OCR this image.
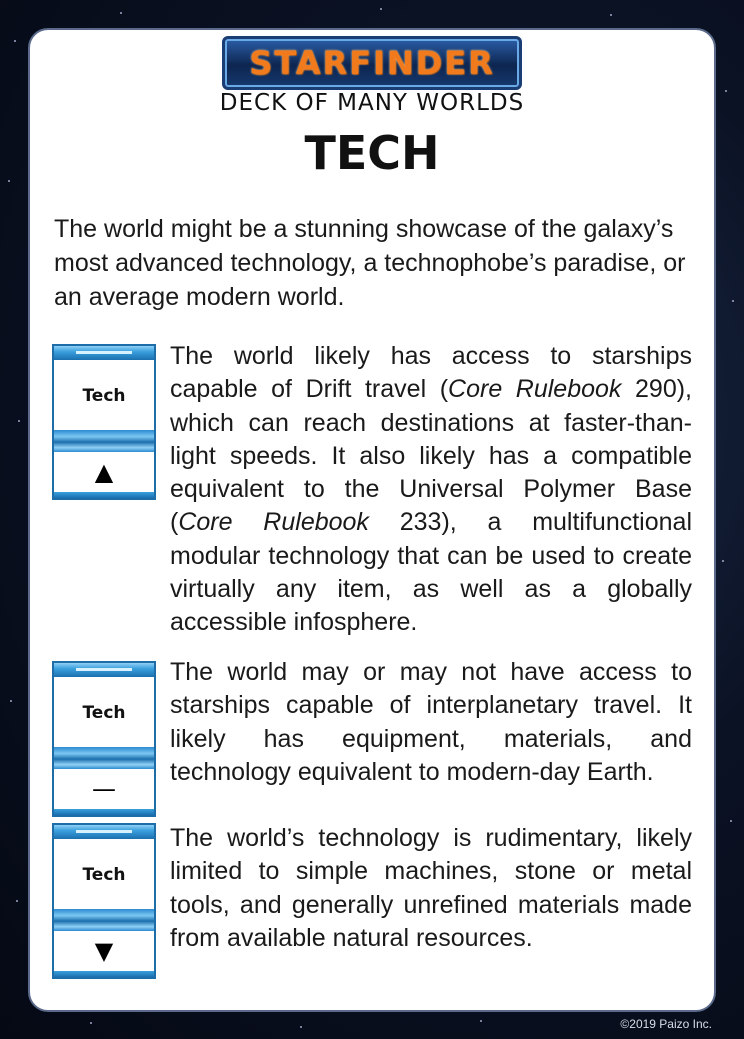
STARFINDER
DECK OF MANY WORLDS
TECH
The world might be a stunning showcase of the galaxy’s most advanced technology, a technophobe’s paradise, or an average modern world.
Tech
▲
The world likely has access to starships capable of Drift travel (Core Rulebook 290), which can reach destinations at faster-than-light speeds. It also likely has a compatible equivalent to the Universal Polymer Base (Core Rulebook 233), a multifunctional modular technology that can be used to create virtually any item, as well as a globally accessible infosphere.
Tech
—
The world may or may not have access to starships capable of interplanetary travel. It likely has equipment, materials, and technology equivalent to modern-day Earth.
Tech
▼
The world’s technology is rudimentary, likely limited to simple machines, stone or metal tools, and generally unrefined materials made from available natural resources.
©2019 Paizo Inc.
